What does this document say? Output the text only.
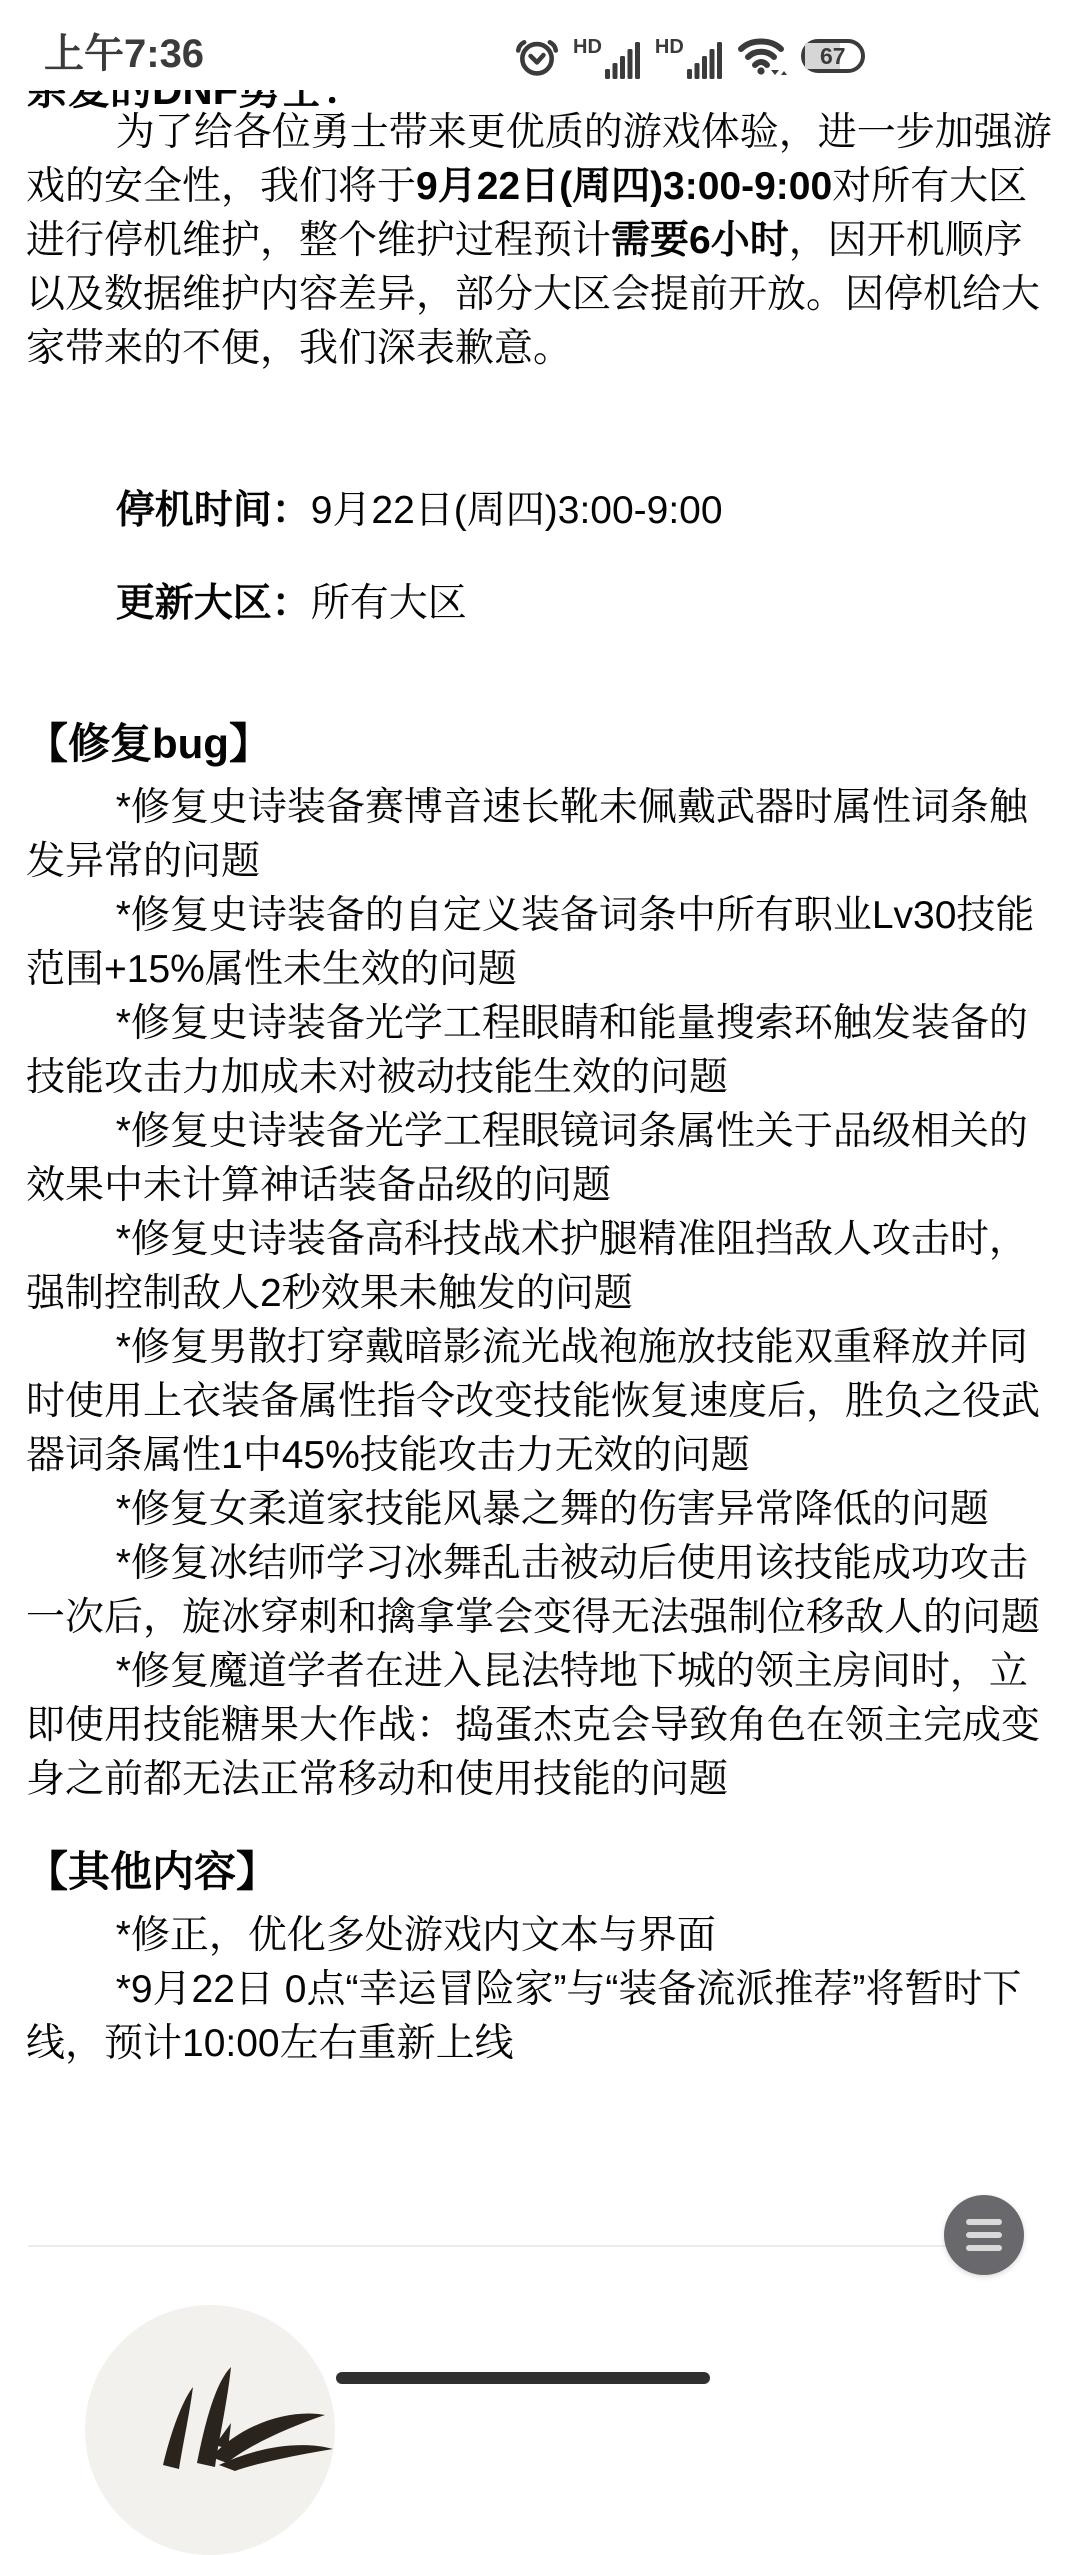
上午7:36	HD	HD	67

为了给各位勇士带来更优质的游戏体验，进一步加强游戏的安全性，我们将于9月22日(周四)3:00-9:00对所有大区进行停机维护，整个维护过程预计需要6小时，因开机顺序以及数据维护内容差异，部分大区会提前开放。因停机给大家带来的不便，我们深表歉意。

停机时间：9月22日(周四)3:00-9:00

更新大区：所有大区

【修复bug】

*修复史诗装备赛博音速长靴未佩戴武器时属性词条触发异常的问题

*修复史诗装备的自定义装备词条中所有职业Lv30技能范围+15%属性未生效的问题

*修复史诗装备光学工程眼睛和能量搜索环触发装备的技能攻击力加成未对被动技能生效的问题

*修复史诗装备光学工程眼镜词条属性关于品级相关的效果中未计算神话装备品级的问题

*修复史诗装备高科技战术护腿精准阻挡敌人攻击时，强制控制敌人2秒效果未触发的问题

*修复男散打穿戴暗影流光战袍施放技能双重释放并同时使用上衣装备属性指令改变技能恢复速度后，胜负之役武器词条属性1中45%技能攻击力无效的问题

*修复女柔道家技能风暴之舞的伤害异常降低的问题

*修复冰结师学习冰舞乱击被动后使用该技能成功攻击一次后，旋冰穿刺和擒拿掌会变得无法强制位移敌人的问题

*修复魔道学者在进入昆法特地下城的领主房间时，立即使用技能糖果大作战：捣蛋杰克会导致角色在领主完成变身之前都无法正常移动和使用技能的问题

【其他内容】

*修正，优化多处游戏内文本与界面

*9月22日 0点“幸运冒险家”与“装备流派推荐”将暂时下线，预计10:00左右重新上线
